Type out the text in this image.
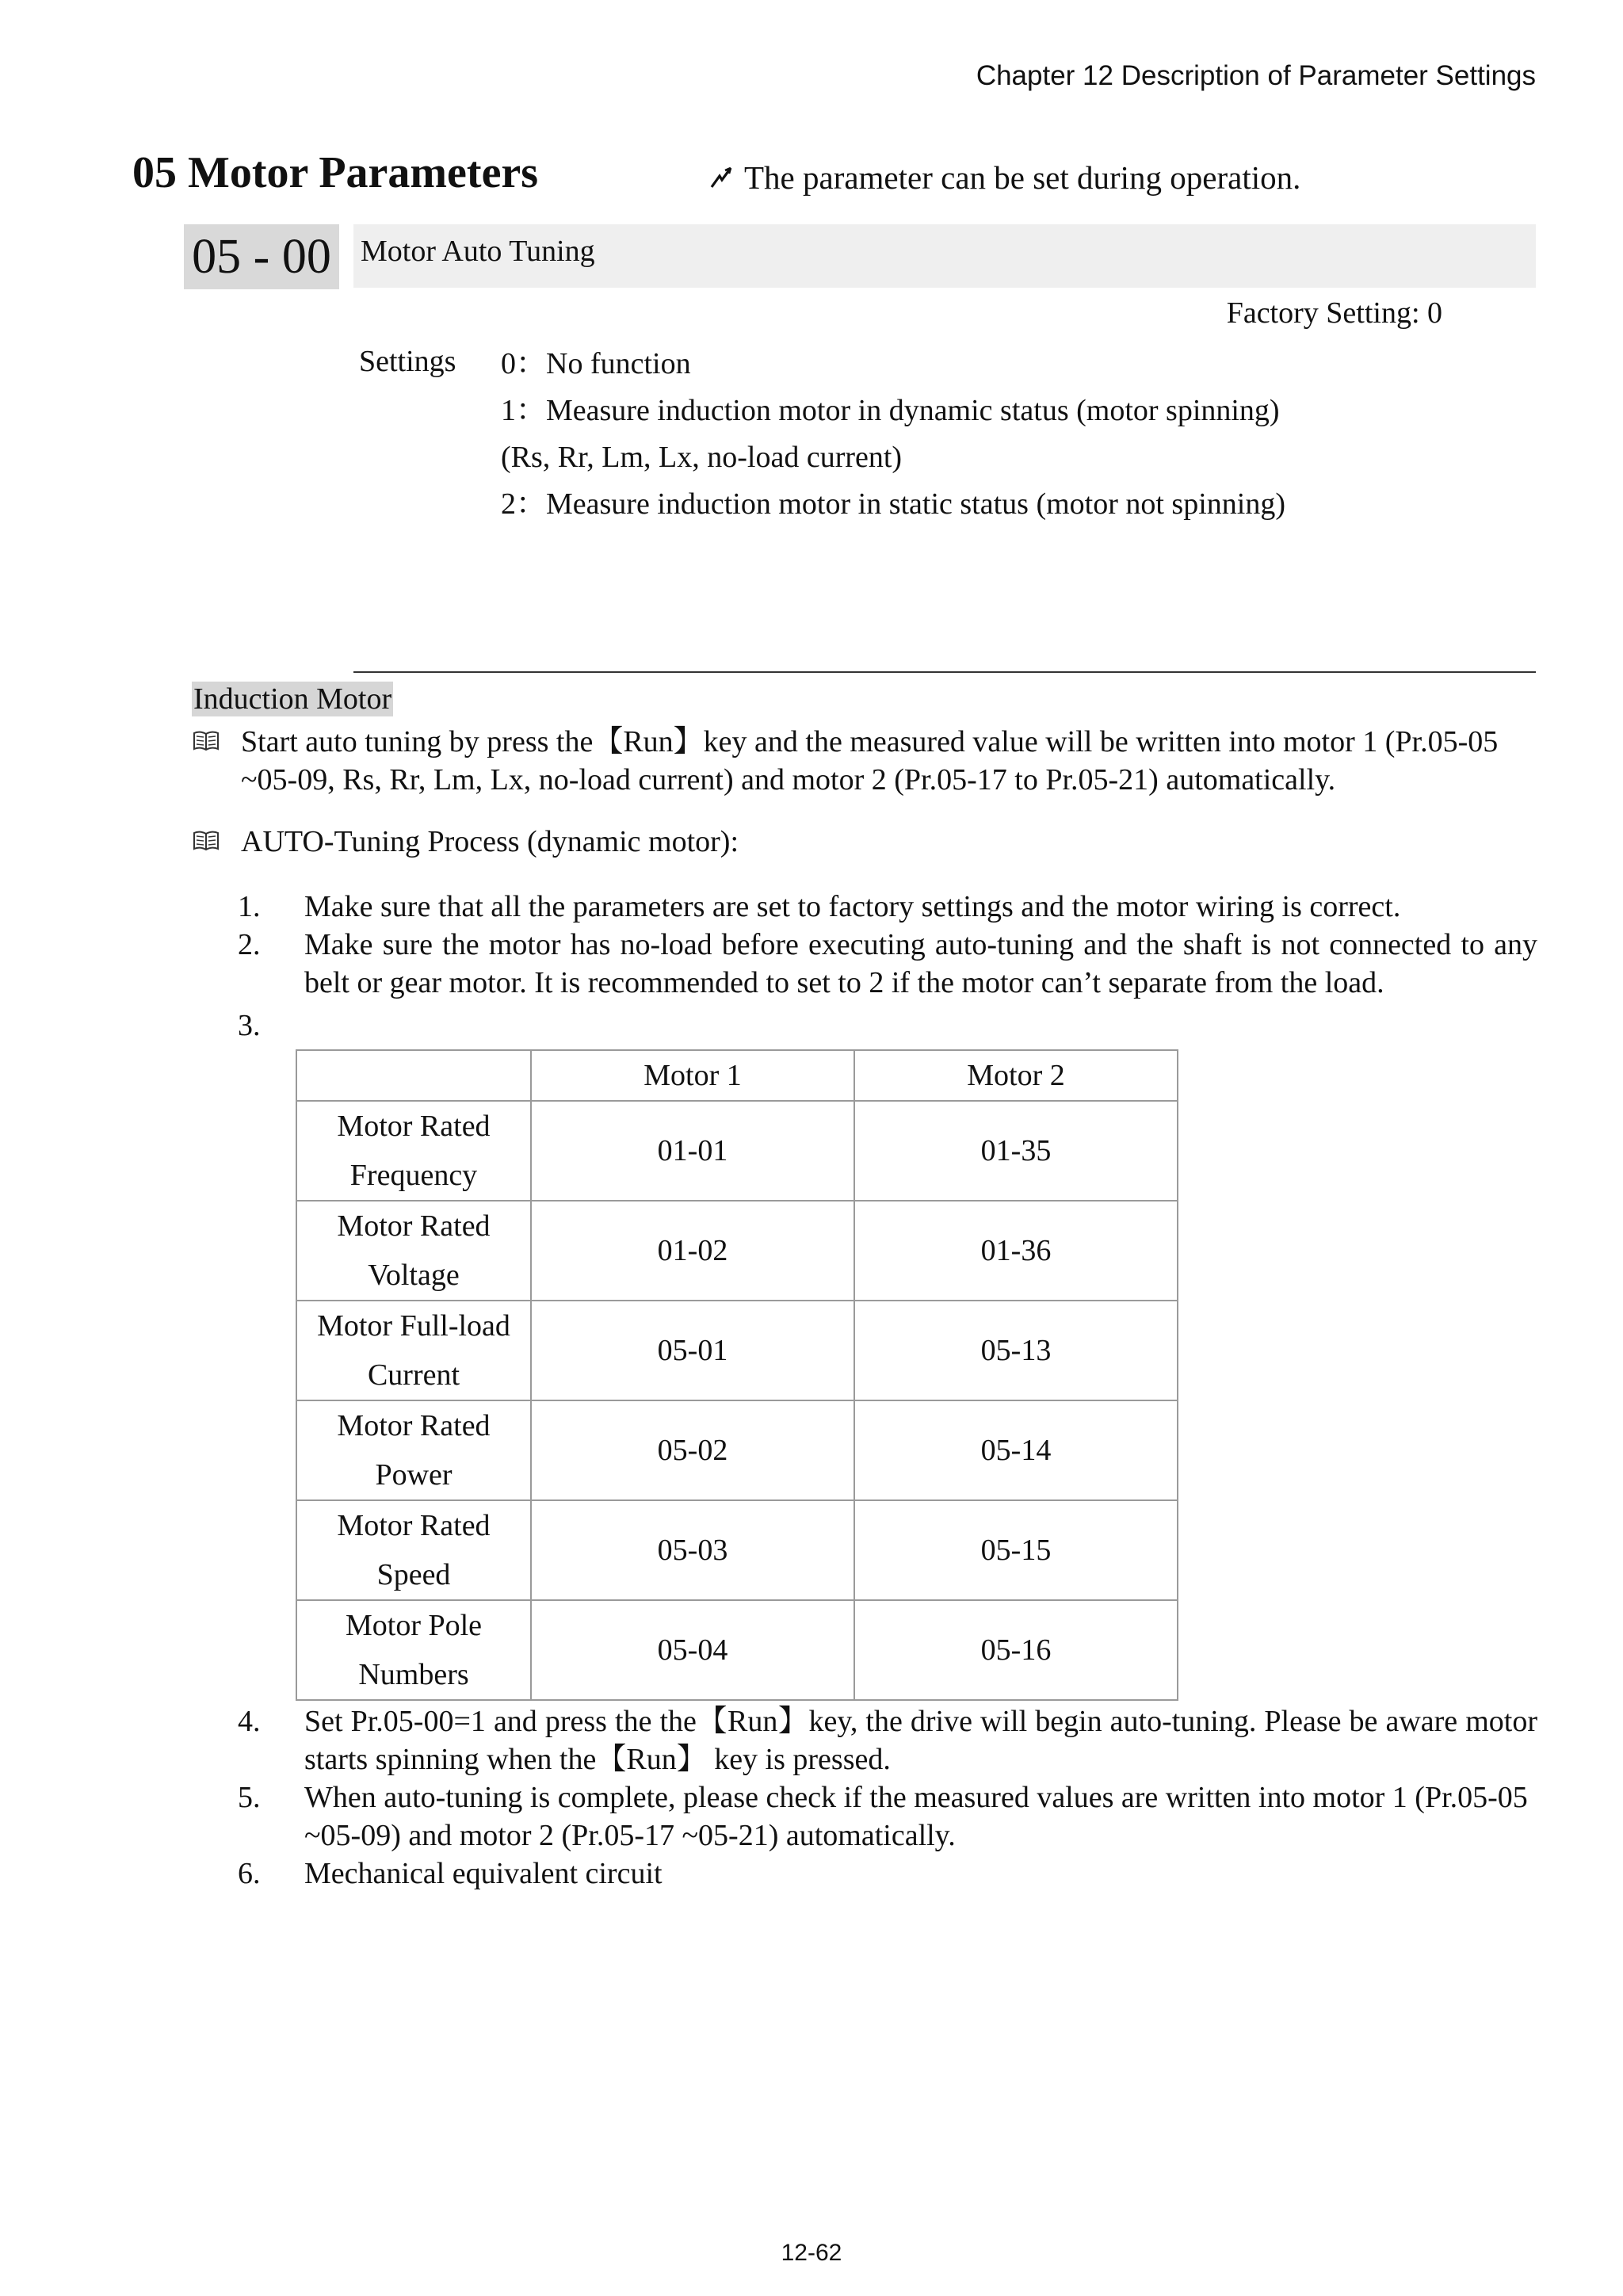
Chapter 12 Description of Parameter Settings
05 Motor Parameters	The parameter can be set during operation.
05 - 00 Motor Auto Tuning
Factory Setting: 0
Settings 0：No function
1：Measure induction motor in dynamic status (motor spinning)
(Rs, Rr, Lm, Lx, no-load current)
2：Measure induction motor in static status (motor not spinning)
Induction Motor
Start auto tuning by press the【Run】key and the measured value will be written into motor 1 (Pr.05-05 ~05-09, Rs, Rr, Lm, Lx, no-load current) and motor 2 (Pr.05-17 to Pr.05-21) automatically.
AUTO-Tuning Process (dynamic motor):
1. Make sure that all the parameters are set to factory settings and the motor wiring is correct.
2. Make sure the motor has no-load before executing auto-tuning and the shaft is not connected to any belt or gear motor. It is recommended to set to 2 if the motor can’t separate from the load.
3.
	Motor 1	Motor 2
Motor Rated
Frequency	01-01	01-35
Motor Rated
Voltage	01-02	01-36
Motor Full-load
Current	05-01	05-13
Motor Rated
Power	05-02	05-14
Motor Rated
Speed	05-03	05-15
Motor Pole
Numbers	05-04	05-16
4. Set Pr.05-00=1 and press the the【Run】key, the drive will begin auto-tuning. Please be aware motor starts spinning when the【Run】 key is pressed.
5. When auto-tuning is complete, please check if the measured values are written into motor 1 (Pr.05-05 ~05-09) and motor 2 (Pr.05-17 ~05-21) automatically.
6. Mechanical equivalent circuit
12-62
